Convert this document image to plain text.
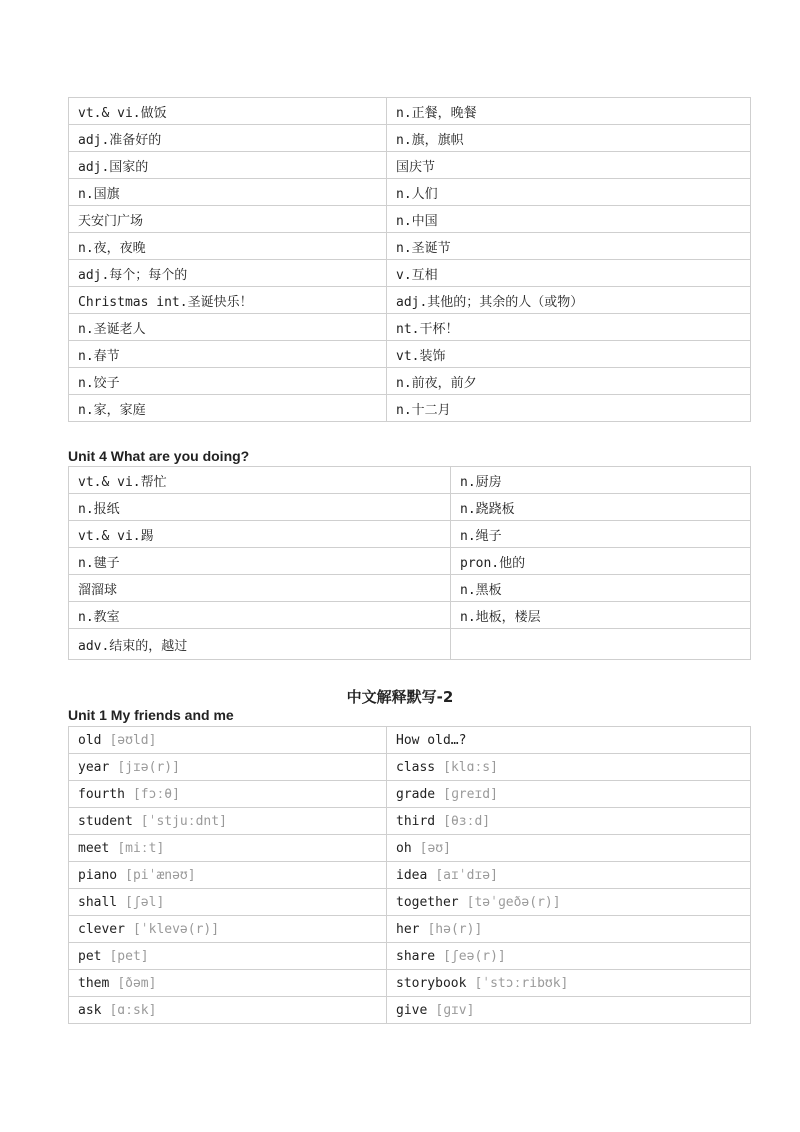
vt.& vi.做饭	n.正餐，晚餐
adj.准备好的	n.旗，旗帜
adj.国家的	国庆节
n.国旗	n.人们
天安门广场	n.中国
n.夜，夜晚	n.圣诞节
adj.每个；每个的	v.互相
Christmas int.圣诞快乐！	adj.其他的；其余的人（或物）
n.圣诞老人	nt.干杯！
n.春节	vt.装饰
n.饺子	n.前夜，前夕
n.家，家庭	n.十二月
Unit 4 What are you doing?
vt.& vi.帮忙	n.厨房
n.报纸	n.跷跷板
vt.& vi.踢	n.绳子
n.毽子	pron.他的
溜溜球	n.黑板
n.教室	n.地板，楼层
adv.结束的，越过	
中文解释默写-2
Unit 1 My friends and me
old [əʊld]	How old…?
year [jɪə(r)]	class [klɑːs]
fourth [fɔːθ]	grade [ɡreɪd]
student [ˈstjuːdnt]	third [θɜːd]
meet [miːt]	oh [əʊ]
piano [piˈænəʊ]	idea [aɪˈdɪə]
shall [ʃəl]	together [təˈɡeðə(r)]
clever [ˈklevə(r)]	her [hə(r)]
pet [pet]	share [ʃeə(r)]
them [ðəm]	storybook [ˈstɔːribʊk]
ask [ɑːsk]	give [ɡɪv]
